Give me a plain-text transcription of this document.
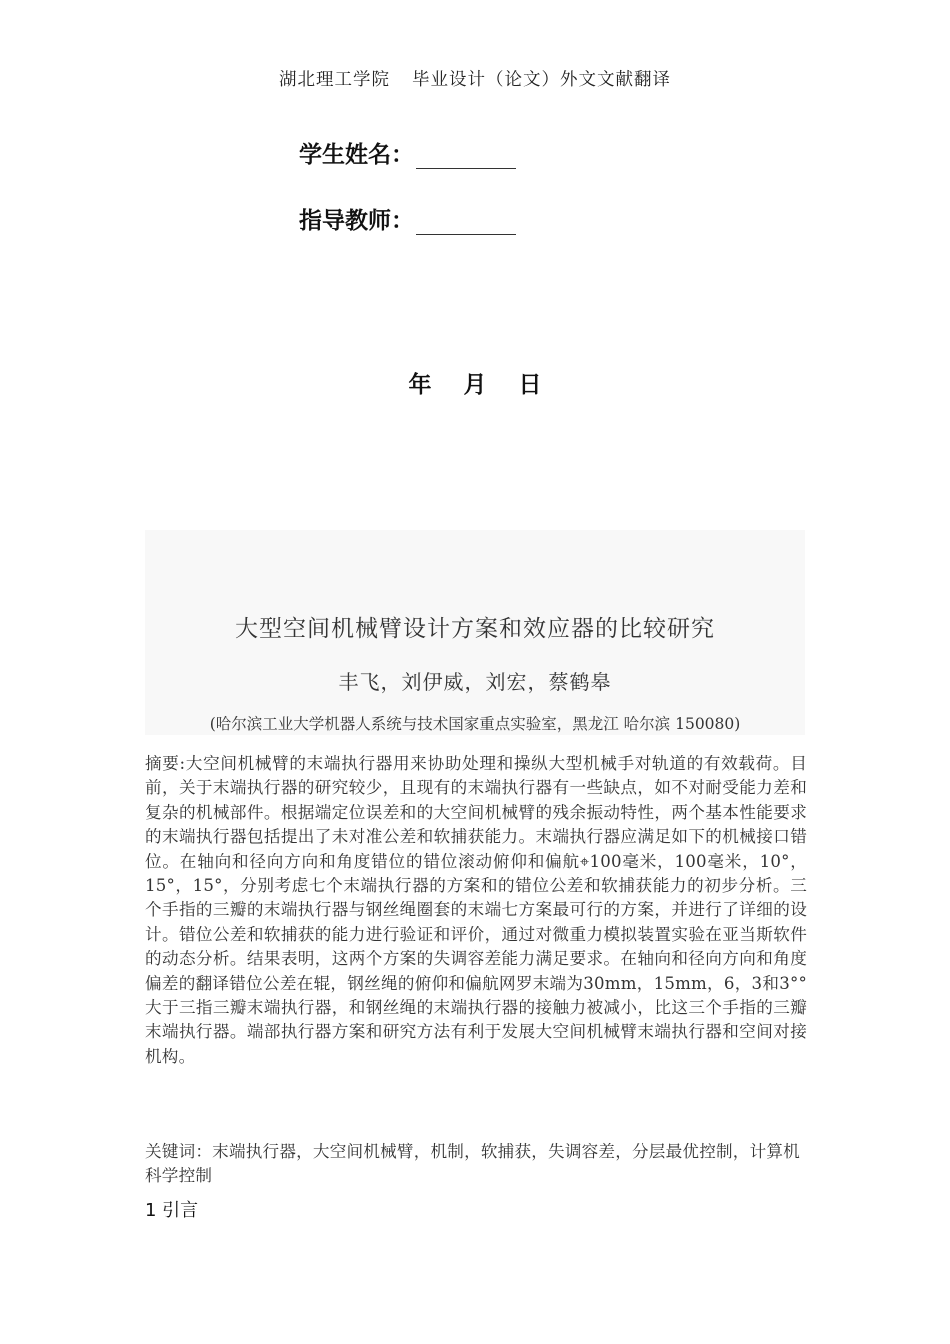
湖北理工学院 毕业设计（论文）外文文献翻译
学生姓名：
指导教师：
年 月 日
大型空间机械臂设计方案和效应器的比较研究
丰飞，刘伊威，刘宏，蔡鹤皋
(哈尔滨工业大学机器人系统与技术国家重点实验室，黑龙江 哈尔滨 150080)
摘要:大空间机械臂的末端执行器用来协助处理和操纵大型机械手对轨道的有效载荷。目前，关于末端执行器的研究较少，且现有的末端执行器有一些缺点，如不对耐受能力差和复杂的机械部件。根据端定位误差和的大空间机械臂的残余振动特性，两个基本性能要求的末端执行器包括提出了未对准公差和软捕获能力。末端执行器应满足如下的机械接口错位。在轴向和径向方向和角度错位的错位滚动俯仰和偏航⌖100毫米，100毫米，10°，15°，15°，分别考虑七个末端执行器的方案和的错位公差和软捕获能力的初步分析。三个手指的三瓣的末端执行器与钢丝绳圈套的末端七方案最可行的方案，并进行了详细的设计。错位公差和软捕获的能力进行验证和评价，通过对微重力模拟装置实验在亚当斯软件的动态分析。结果表明，这两个方案的失调容差能力满足要求。在轴向和径向方向和角度偏差的翻译错位公差在辊，钢丝绳的俯仰和偏航网罗末端为30mm，15mm，6，3和3°°大于三指三瓣末端执行器，和钢丝绳的末端执行器的接触力被减小，比这三个手指的三瓣末端执行器。端部执行器方案和研究方法有利于发展大空间机械臂末端执行器和空间对接机构。
关键词：末端执行器，大空间机械臂，机制，软捕获，失调容差，分层最优控制，计算机科学控制
1 引言
